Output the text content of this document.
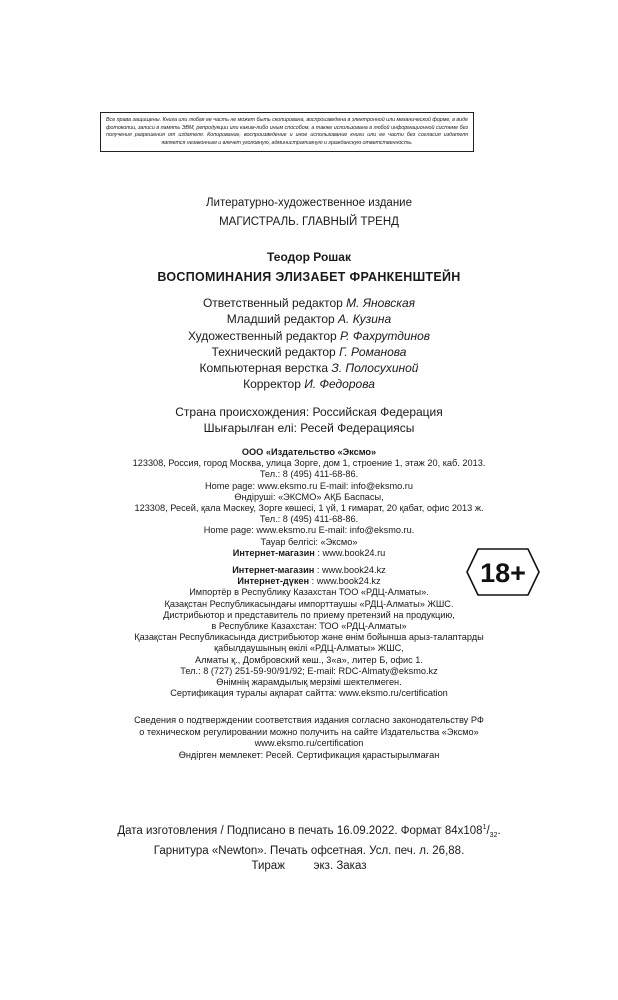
Все права защищены. Книга или любая ее часть не может быть скопирована, воспроизведена в электронной или механической форме, в виде фотокопии, записи в память ЭВМ, репродукции или каким-либо иным способом, а также использована в любой информационной системе без получения разрешения от издателя. Копирование, воспроизведение и иное использование книги или ее части без согласия издателя является незаконным и влечет уголовную, административную и гражданскую ответственность.

Литературно-художественное издание
МАГИСТРАЛЬ. ГЛАВНЫЙ ТРЕНД
Теодор Рошак
ВОСПОМИНАНИЯ ЭЛИЗАБЕТ ФРАНКЕНШТЕЙН
Ответственный редактор М. Яновская
Младший редактор А. Кузина
Художественный редактор Р. Фахрутдинов
Технический редактор Г. Романова
Компьютерная верстка З. Полосухиной
Корректор И. Федорова
Страна происхождения: Российская Федерация
Шығарылған елі: Ресей Федерациясы
ООО «Издательство «Эксмо»
123308, Россия, город Москва, улица Зорге, дом 1, строение 1, этаж 20, каб. 2013.
Тел.: 8 (495) 411-68-86.
Home page: www.eksmo.ru E-mail: info@eksmo.ru
Өндіруші: «ЭКСМО» АҚБ Баспасы,
123308, Ресей, қала Мәскеу, Зорге көшесі, 1 үй, 1 ғимарат, 20 қабат, офис 2013 ж.
Тел.: 8 (495) 411-68-86.
Home page: www.eksmo.ru E-mail: info@eksmo.ru.
Тауар белгісі: «Эксмо»
Интернет-магазин : www.book24.ru
Интернет-магазин : www.book24.kz
Интернет-дүкен : www.book24.kz
Импортёр в Республику Казахстан ТОО «РДЦ-Алматы».
Қазақстан Республикасындағы импорттаушы «РДЦ-Алматы» ЖШС.
Дистрибьютор и представитель по приему претензий на продукцию,
в Республике Казахстан: ТОО «РДЦ-Алматы»
Қазақстан Республикасында дистрибьютор және өнім бойынша арыз-талаптарды
қабылдаушының өкілі «РДЦ-Алматы» ЖШС,
Алматы қ., Домбровский көш., 3«а», литер Б, офис 1.
Тел.: 8 (727) 251-59-90/91/92; E-mail: RDC-Almaty@eksmo.kz
Өнімнің жарамдылық мерзімі шектелмеген.
Сертификация туралы ақпарат сайтта: www.eksmo.ru/certification
Сведения о подтверждении соответствия издания согласно законодательству РФ
о техническом регулировании можно получить на сайте Издательства «Эксмо»
www.eksmo.ru/certification
Өндірген мемлекет: Ресей. Сертификация қарастырылмаған
Дата изготовления / Подписано в печать 16.09.2022. Формат $84x108^1/_{32}$.
Гарнитура «Newton». Печать офсетная. Усл. печ. л. 26,88.
Тираж         экз. Заказ
18+
